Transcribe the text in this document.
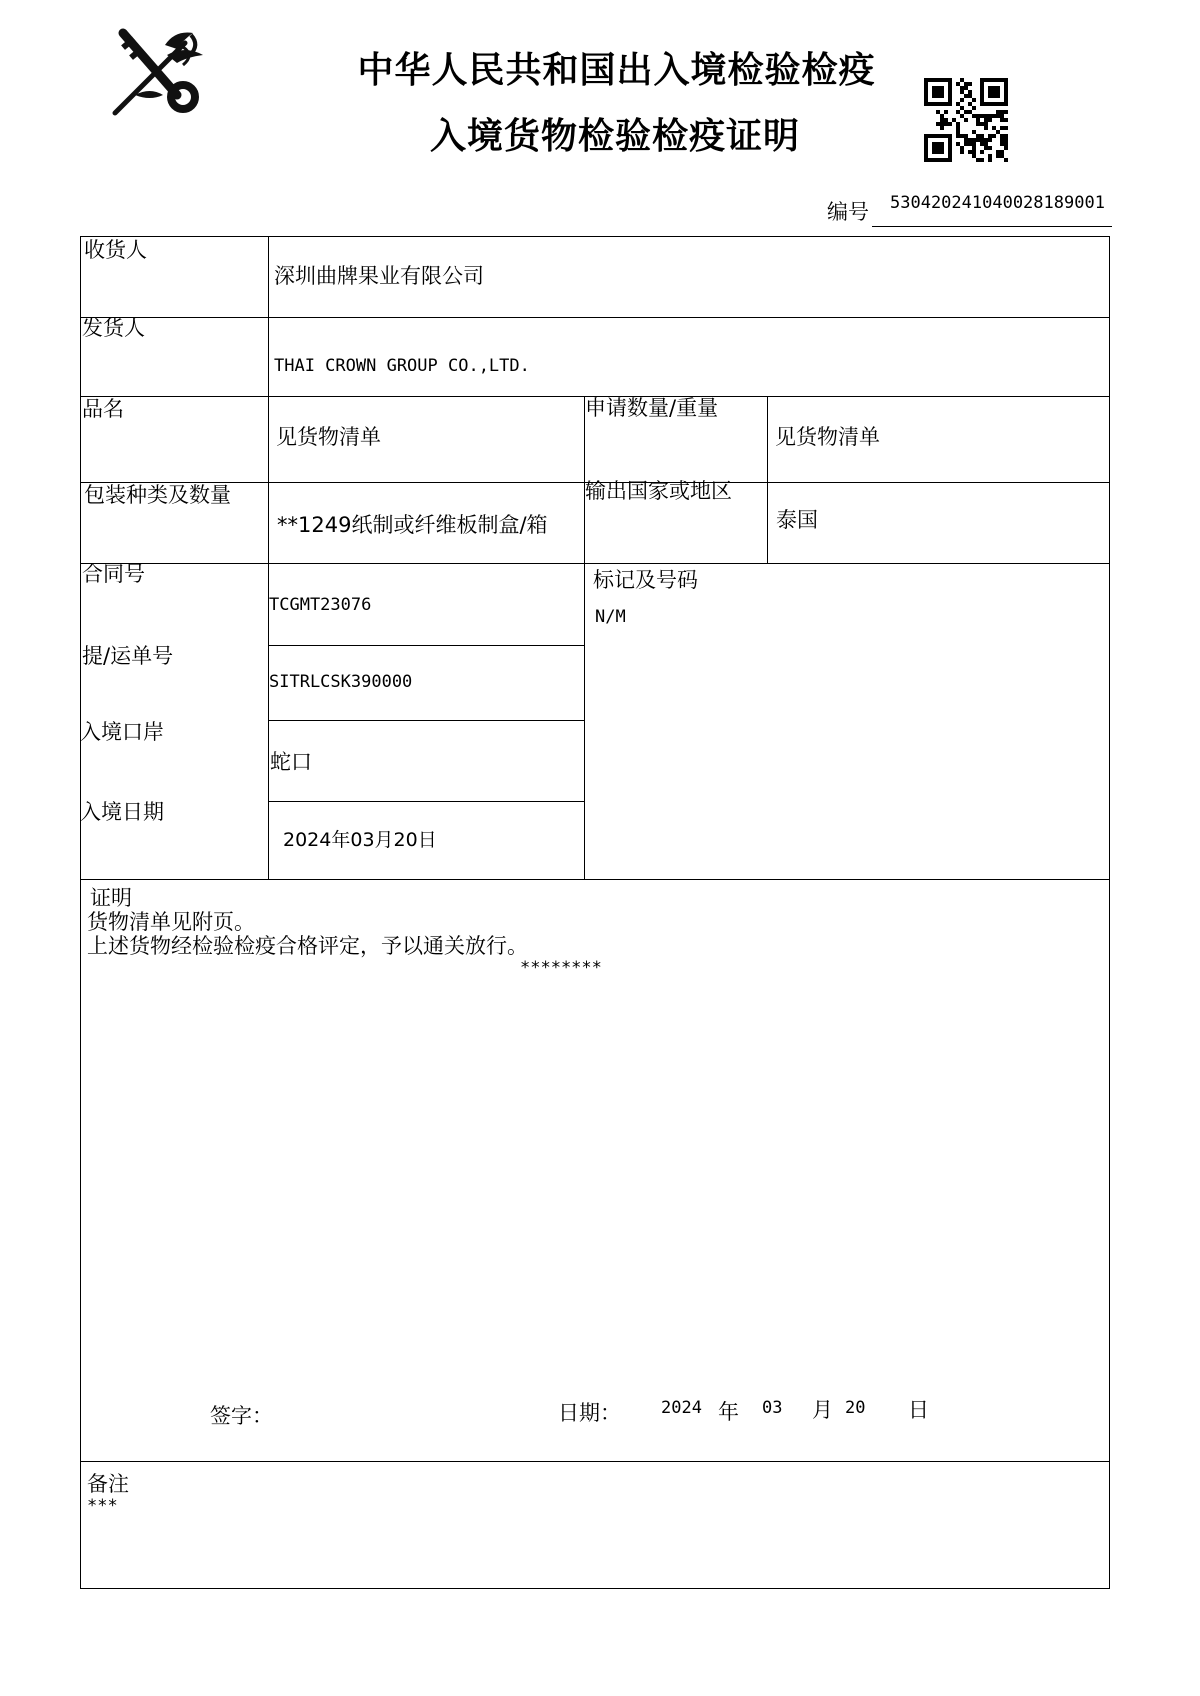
中华人民共和国出入境检验检疫
入境货物检验检疫证明
编号 530420241040028189001
收货人
深圳曲牌果业有限公司
发货人
THAI CROWN GROUP CO.,LTD.
品名
见货物清单
申请数量/重量
见货物清单
包装种类及数量
**1249纸制或纤维板制盒/箱
输出国家或地区
泰国
合同号
TCGMT23076
标记及号码
N/M
提/运单号
SITRLCSK390000
入境口岸
蛇口
入境日期
2024年03月20日
证明
货物清单见附页。
上述货物经检验检疫合格评定，予以通关放行。
********
签字：	日期： 2024 年 03 月 20 日
备注
***
